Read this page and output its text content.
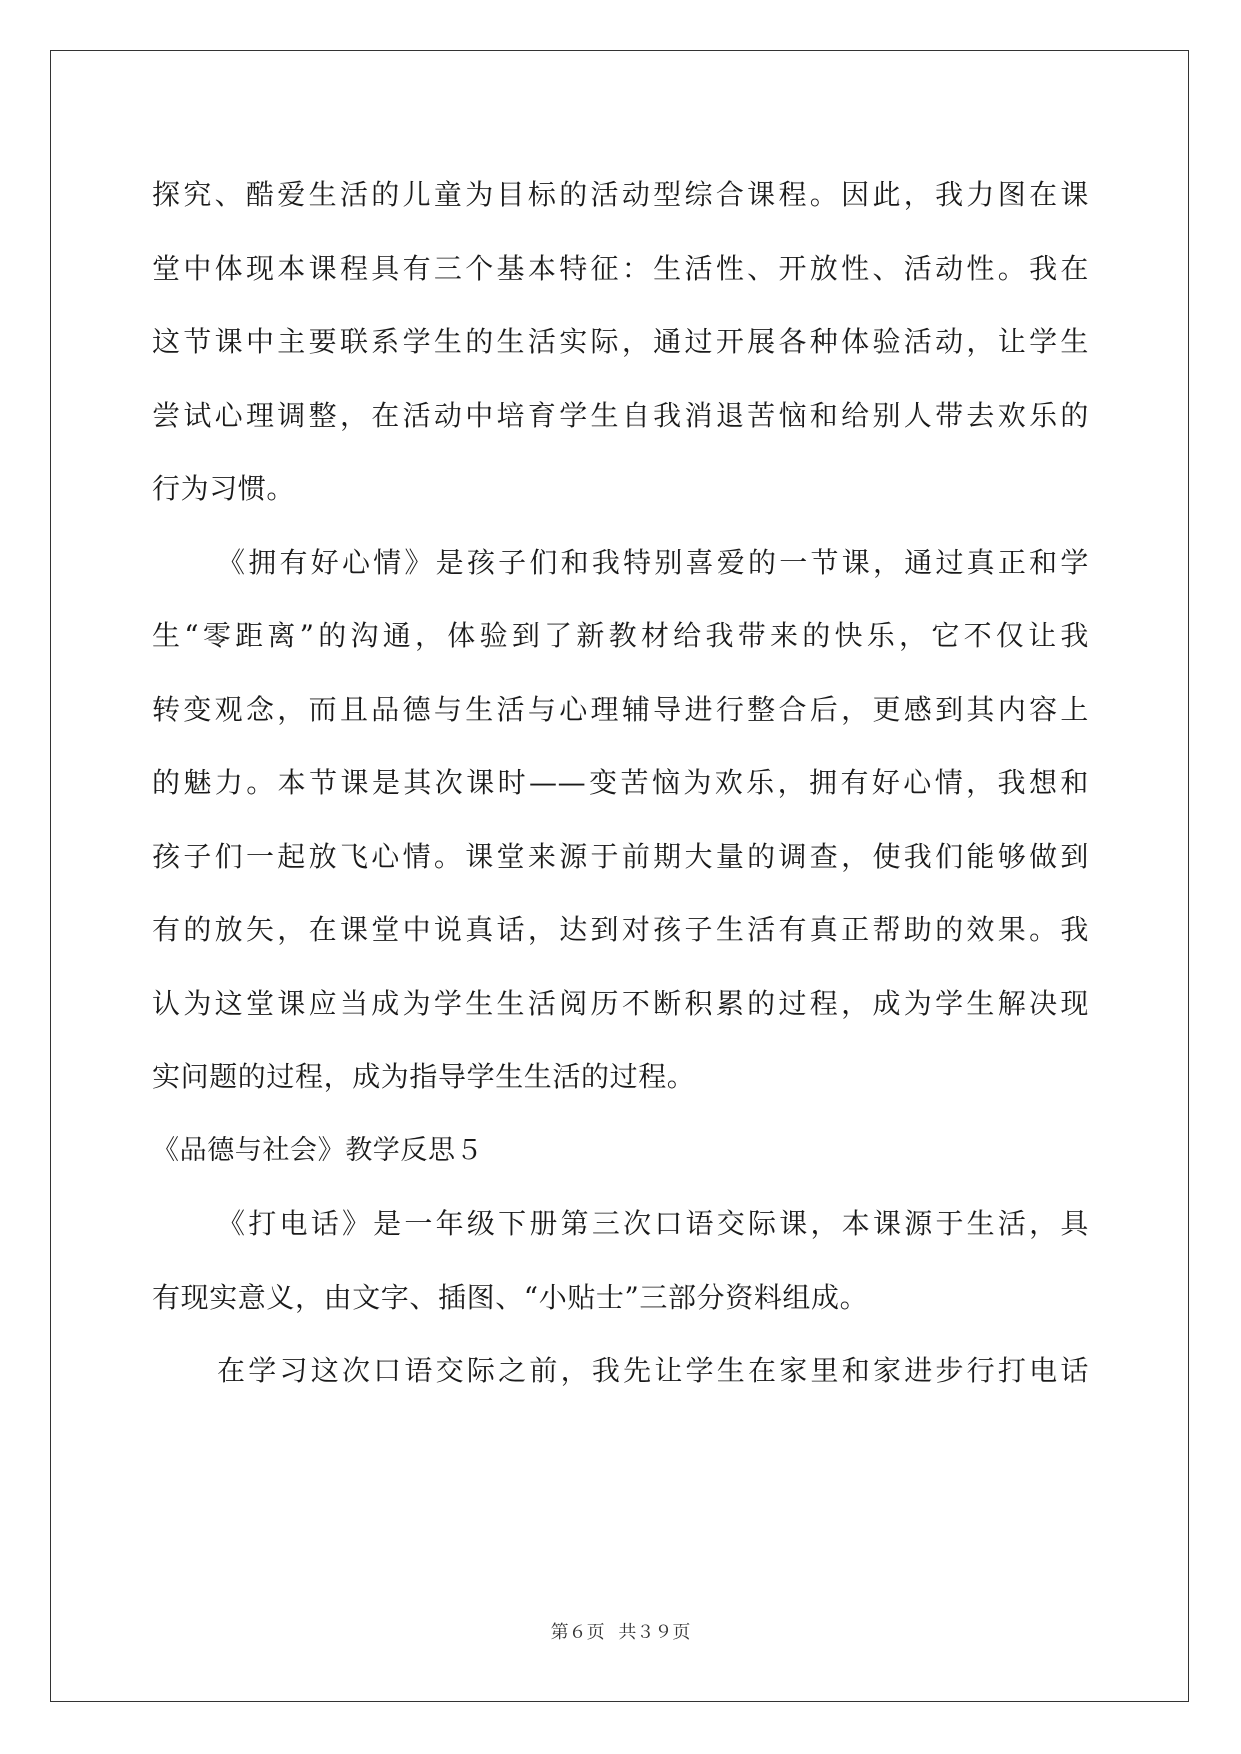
探究、酷爱生活的儿童为目标的活动型综合课程。因此，我力图在课
堂中体现本课程具有三个基本特征：生活性、开放性、活动性。我在
这节课中主要联系学生的生活实际，通过开展各种体验活动，让学生
尝试心理调整，在活动中培育学生自我消退苦恼和给别人带去欢乐的
行为习惯。
《拥有好心情》是孩子们和我特别喜爱的一节课，通过真正和学
生“零距离”的沟通，体验到了新教材给我带来的快乐，它不仅让我
转变观念，而且品德与生活与心理辅导进行整合后，更感到其内容上
的魅力。本节课是其次课时——变苦恼为欢乐，拥有好心情，我想和
孩子们一起放飞心情。课堂来源于前期大量的调查，使我们能够做到
有的放矢，在课堂中说真话，达到对孩子生活有真正帮助的效果。我
认为这堂课应当成为学生生活阅历不断积累的过程，成为学生解决现
实问题的过程，成为指导学生生活的过程。
《品德与社会》教学反思５
《打电话》是一年级下册第三次口语交际课，本课源于生活，具
有现实意义，由文字、插图、“小贴士”三部分资料组成。
在学习这次口语交际之前，我先让学生在家里和家进步行打电话
第６页 共３９页
